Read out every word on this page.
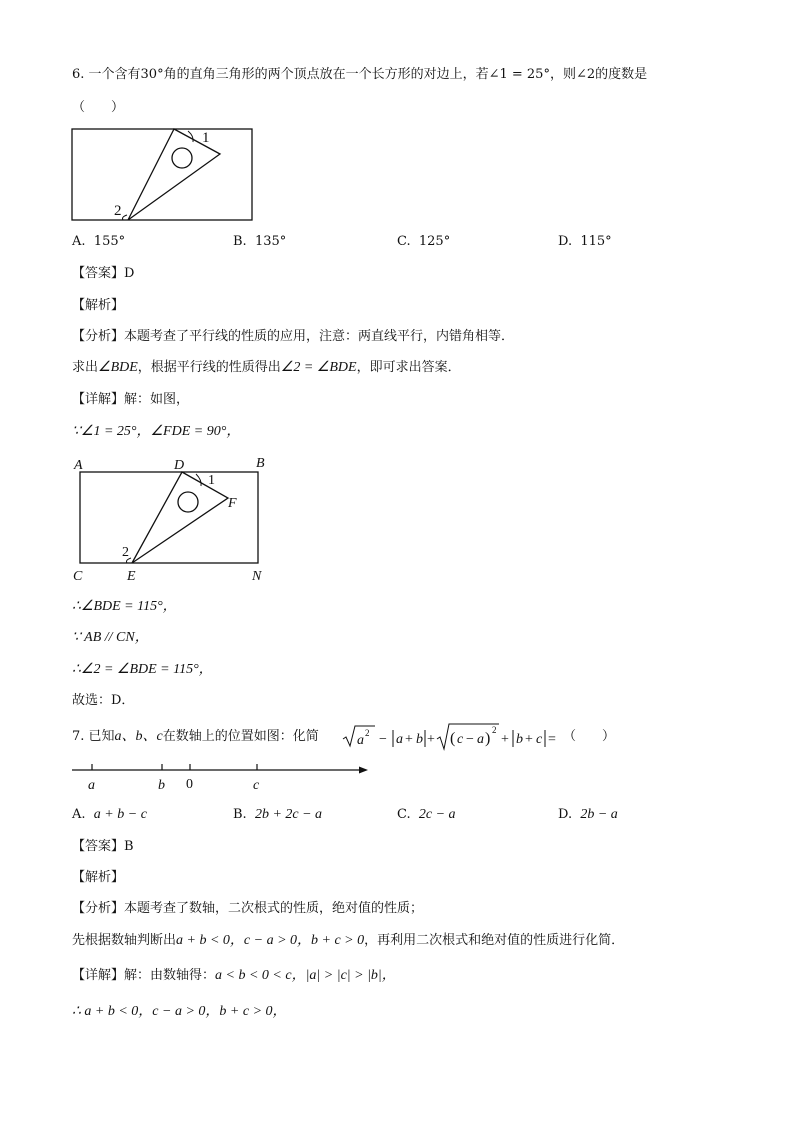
6. 一个含有30°角的直角三角形的两个顶点放在一个长方形的对边上，若∠1 = 25°，则∠2的度数是
（　　）
1
2
A. 155°	B. 135°	C. 125°	D. 115°
【答案】D
【解析】
【分析】本题考查了平行线的性质的应用，注意：两直线平行，内错角相等．
求出∠BDE，根据平行线的性质得出∠2 = ∠BDE，即可求出答案．
【详解】解：如图，
∵∠1 = 25°，∠FDE = 90°，
A	D	B
F
1
2
C	E	N
∴∠BDE = 115°，
∵ AB // CN，
∴∠2 = ∠BDE = 115°，
故选：D．
7. 已知a、b、c在数轴上的位置如图：化简	a 2 − a + b + ( c − a ) 2
+ b + c = （　　）
a	b 0	c
A. a + b − c	B. 2b + 2c − a	C. 2c − a	D. 2b − a
【答案】B
【解析】
【分析】本题考查了数轴，二次根式的性质，绝对值的性质；
先根据数轴判断出a + b < 0，c − a > 0，b + c > 0，再利用二次根式和绝对值的性质进行化简．
【详解】解：由数轴得：a < b < 0 < c，|a| > |c| > |b|，
∴ a + b < 0，c − a > 0，b + c > 0，
